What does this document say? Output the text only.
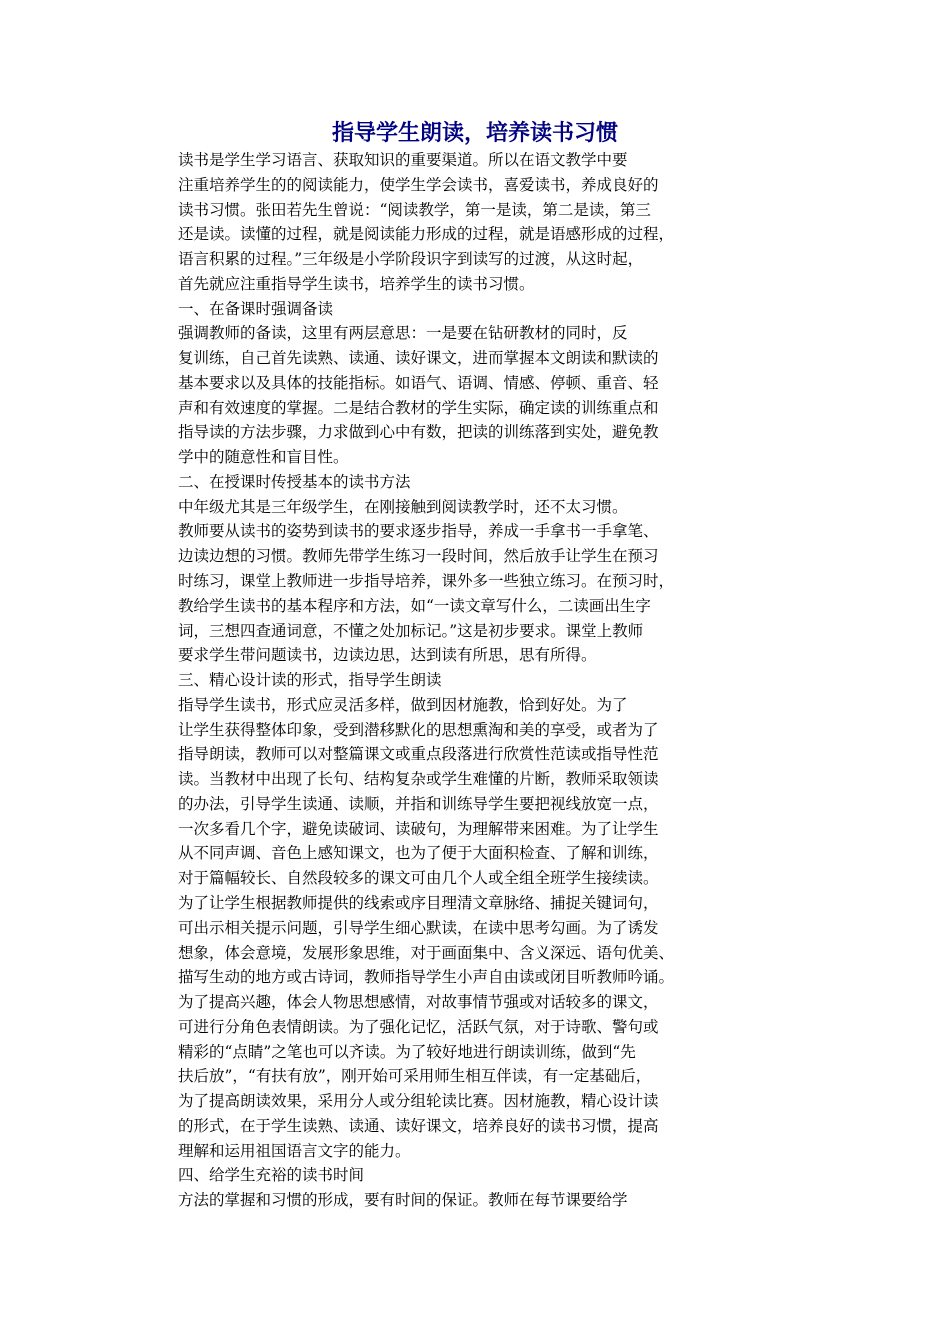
指导学生朗读，培养读书习惯
读书是学生学习语言、获取知识的重要渠道。所以在语文教学中要
注重培养学生的的阅读能力，使学生学会读书，喜爱读书，养成良好的
读书习惯。张田若先生曾说：“阅读教学，第一是读，第二是读，第三
还是读。读懂的过程，就是阅读能力形成的过程，就是语感形成的过程，
语言积累的过程。”三年级是小学阶段识字到读写的过渡，从这时起，
首先就应注重指导学生读书，培养学生的读书习惯。
一、在备课时强调备读
强调教师的备读，这里有两层意思：一是要在钻研教材的同时，反
复训练，自己首先读熟、读通、读好课文，进而掌握本文朗读和默读的
基本要求以及具体的技能指标。如语气、语调、情感、停顿、重音、轻
声和有效速度的掌握。二是结合教材的学生实际，确定读的训练重点和
指导读的方法步骤，力求做到心中有数，把读的训练落到实处，避免教
学中的随意性和盲目性。
二、在授课时传授基本的读书方法
中年级尤其是三年级学生，在刚接触到阅读教学时，还不太习惯。
教师要从读书的姿势到读书的要求逐步指导，养成一手拿书一手拿笔、
边读边想的习惯。教师先带学生练习一段时间，然后放手让学生在预习
时练习，课堂上教师进一步指导培养，课外多一些独立练习。在预习时，
教给学生读书的基本程序和方法，如“一读文章写什么，二读画出生字
词，三想四查通词意，不懂之处加标记。”这是初步要求。课堂上教师
要求学生带问题读书，边读边思，达到读有所思，思有所得。
三、精心设计读的形式，指导学生朗读
指导学生读书，形式应灵活多样，做到因材施教，恰到好处。为了
让学生获得整体印象，受到潜移默化的思想熏淘和美的享受，或者为了
指导朗读，教师可以对整篇课文或重点段落进行欣赏性范读或指导性范
读。当教材中出现了长句、结构复杂或学生难懂的片断，教师采取领读
的办法，引导学生读通、读顺，并指和训练导学生要把视线放宽一点，
一次多看几个字，避免读破词、读破句，为理解带来困难。为了让学生
从不同声调、音色上感知课文，也为了便于大面积检查、了解和训练，
对于篇幅较长、自然段较多的课文可由几个人或全组全班学生接续读。
为了让学生根据教师提供的线索或序目理清文章脉络、捕捉关键词句，
可出示相关提示问题，引导学生细心默读，在读中思考勾画。为了诱发
想象，体会意境，发展形象思维，对于画面集中、含义深远、语句优美、
描写生动的地方或古诗词，教师指导学生小声自由读或闭目听教师吟诵。
为了提高兴趣，体会人物思想感情，对故事情节强或对话较多的课文，
可进行分角色表情朗读。为了强化记忆，活跃气氛，对于诗歌、警句或
精彩的“点睛”之笔也可以齐读。为了较好地进行朗读训练，做到“先
扶后放”，“有扶有放”，刚开始可采用师生相互伴读，有一定基础后，
为了提高朗读效果，采用分人或分组轮读比赛。因材施教，精心设计读
的形式，在于学生读熟、读通、读好课文，培养良好的读书习惯，提高
理解和运用祖国语言文字的能力。
四、给学生充裕的读书时间
方法的掌握和习惯的形成，要有时间的保证。教师在每节课要给学
